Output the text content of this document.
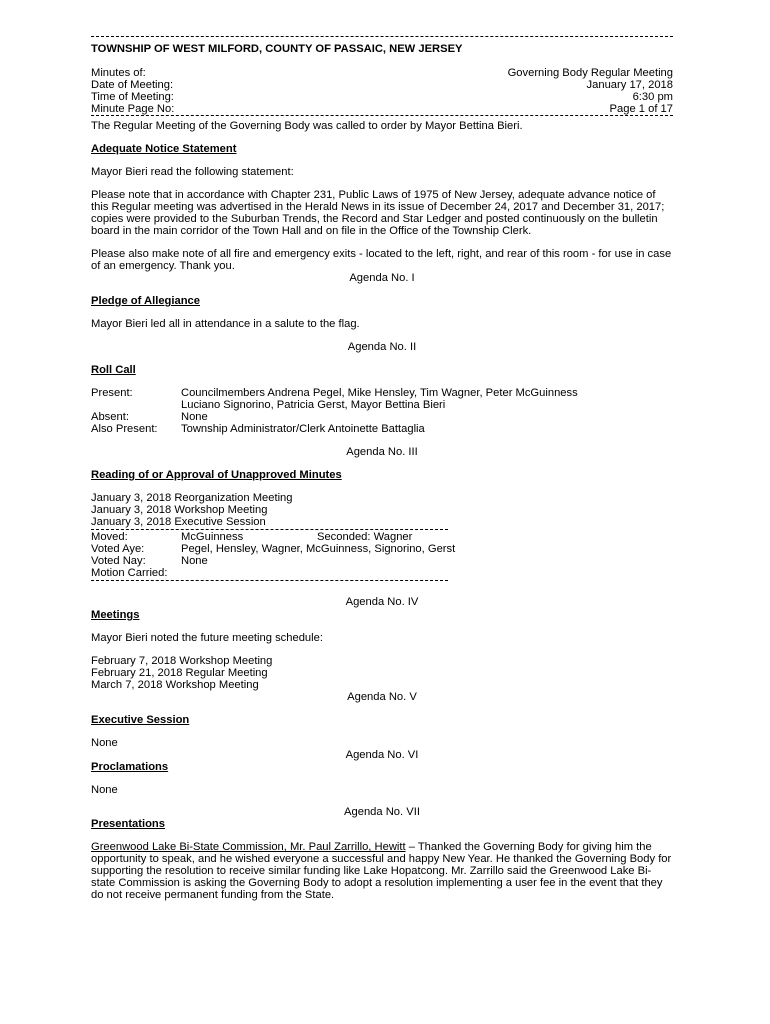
TOWNSHIP OF WEST MILFORD, COUNTY OF PASSAIC, NEW JERSEY
Minutes of:	Governing Body Regular Meeting
Date of Meeting:	January 17, 2018
Time of Meeting:	6:30 pm
Minute Page No:	Page 1 of 17

The Regular Meeting of the Governing Body was called to order by Mayor Bettina Bieri.

Adequate Notice Statement

Mayor Bieri read the following statement:

Please note that in accordance with Chapter 231, Public Laws of 1975 of New Jersey, adequate advance notice of this Regular meeting was advertised in the Herald News in its issue of December 24, 2017 and December 31, 2017; copies were provided to the Suburban Trends, the Record and Star Ledger and posted continuously on the bulletin board in the main corridor of the Town Hall and on file in the Office of the Township Clerk.

Please also make note of all fire and emergency exits - located to the left, right, and rear of this room - for use in case of an emergency. Thank you.

Agenda No. I

Pledge of Allegiance

Mayor Bieri led all in attendance in a salute to the flag.

Agenda No. II

Roll Call

Present:	Councilmembers Andrena Pegel, Mike Hensley, Tim Wagner, Peter McGuinness
Luciano Signorino, Patricia Gerst, Mayor Bettina Bieri
Absent:	None
Also Present:	Township Administrator/Clerk Antoinette Battaglia

Agenda No. III

Reading of or Approval of Unapproved Minutes

January 3, 2018 Reorganization Meeting

January 3, 2018 Workshop Meeting

January 3, 2018 Executive Session

Moved:	McGuinness	Seconded: Wagner
Voted Aye:	Pegel, Hensley, Wagner, McGuinness, Signorino, Gerst
Voted Nay:	None

Motion Carried:

Agenda No. IV

Meetings

Mayor Bieri noted the future meeting schedule:

February 7, 2018 Workshop Meeting

February 21, 2018 Regular Meeting

March 7, 2018 Workshop Meeting

Agenda No. V

Executive Session

None

Agenda No. VI

Proclamations

None

Agenda No. VII

Presentations

Greenwood Lake Bi-State Commission, Mr. Paul Zarrillo, Hewitt – Thanked the Governing Body for giving him the opportunity to speak, and he wished everyone a successful and happy New Year. He thanked the Governing Body for supporting the resolution to receive similar funding like Lake Hopatcong. Mr. Zarrillo said the Greenwood Lake Bi-state Commission is asking the Governing Body to adopt a resolution implementing a user fee in the event that they do not receive permanent funding from the State.
